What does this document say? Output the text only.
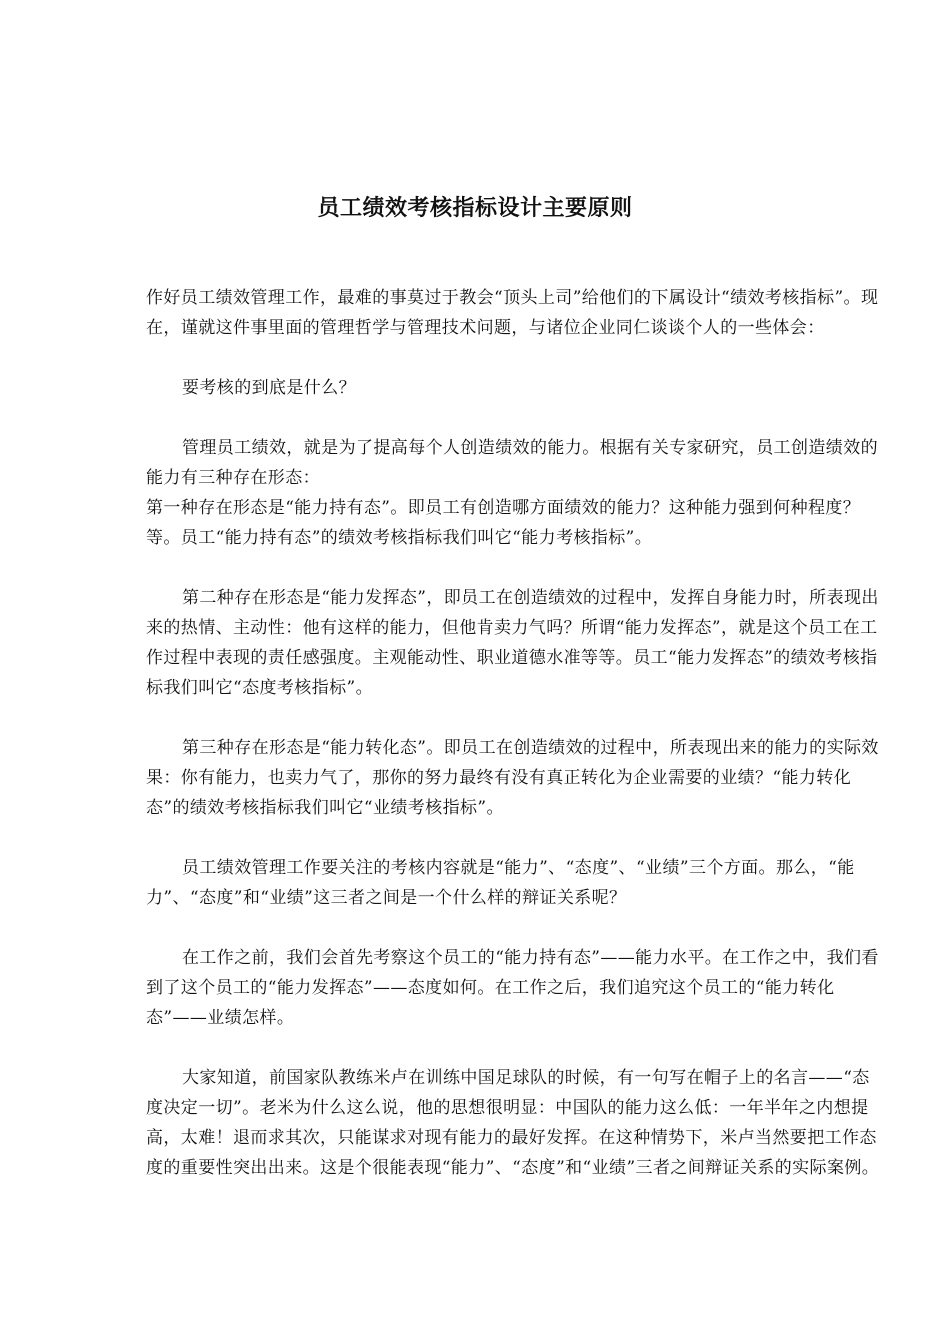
员工绩效考核指标设计主要原则

作好员工绩效管理工作，最难的事莫过于教会“顶头上司”给他们的下属设计“绩效考核指标”。现在，谨就这件事里面的管理哲学与管理技术问题，与诸位企业同仁谈谈个人的一些体会：

要考核的到底是什么？

管理员工绩效，就是为了提高每个人创造绩效的能力。根据有关专家研究，员工创造绩效的能力有三种存在形态：

第一种存在形态是“能力持有态”。即员工有创造哪方面绩效的能力？这种能力强到何种程度？等。员工“能力持有态”的绩效考核指标我们叫它“能力考核指标”。

第二种存在形态是“能力发挥态”，即员工在创造绩效的过程中，发挥自身能力时，所表现出来的热情、主动性：他有这样的能力，但他肯卖力气吗？所谓“能力发挥态”，就是这个员工在工作过程中表现的责任感强度。主观能动性、职业道德水准等等。员工“能力发挥态”的绩效考核指标我们叫它“态度考核指标”。

第三种存在形态是“能力转化态”。即员工在创造绩效的过程中，所表现出来的能力的实际效果：你有能力，也卖力气了，那你的努力最终有没有真正转化为企业需要的业绩？“能力转化态”的绩效考核指标我们叫它“业绩考核指标”。

员工绩效管理工作要关注的考核内容就是“能力”、“态度”、“业绩”三个方面。那么，“能力”、“态度”和“业绩”这三者之间是一个什么样的辩证关系呢？

在工作之前，我们会首先考察这个员工的“能力持有态”——能力水平。在工作之中，我们看到了这个员工的“能力发挥态”——态度如何。在工作之后，我们追究这个员工的“能力转化态”——业绩怎样。

大家知道，前国家队教练米卢在训练中国足球队的时候，有一句写在帽子上的名言——“态度决定一切”。老米为什么这么说，他的思想很明显：中国队的能力这么低：一年半年之内想提高，太难！退而求其次，只能谋求对现有能力的最好发挥。在这种情势下，米卢当然要把工作态度的重要性突出出来。这是个很能表现“能力”、“态度”和“业绩”三者之间辩证关系的实际案例。
